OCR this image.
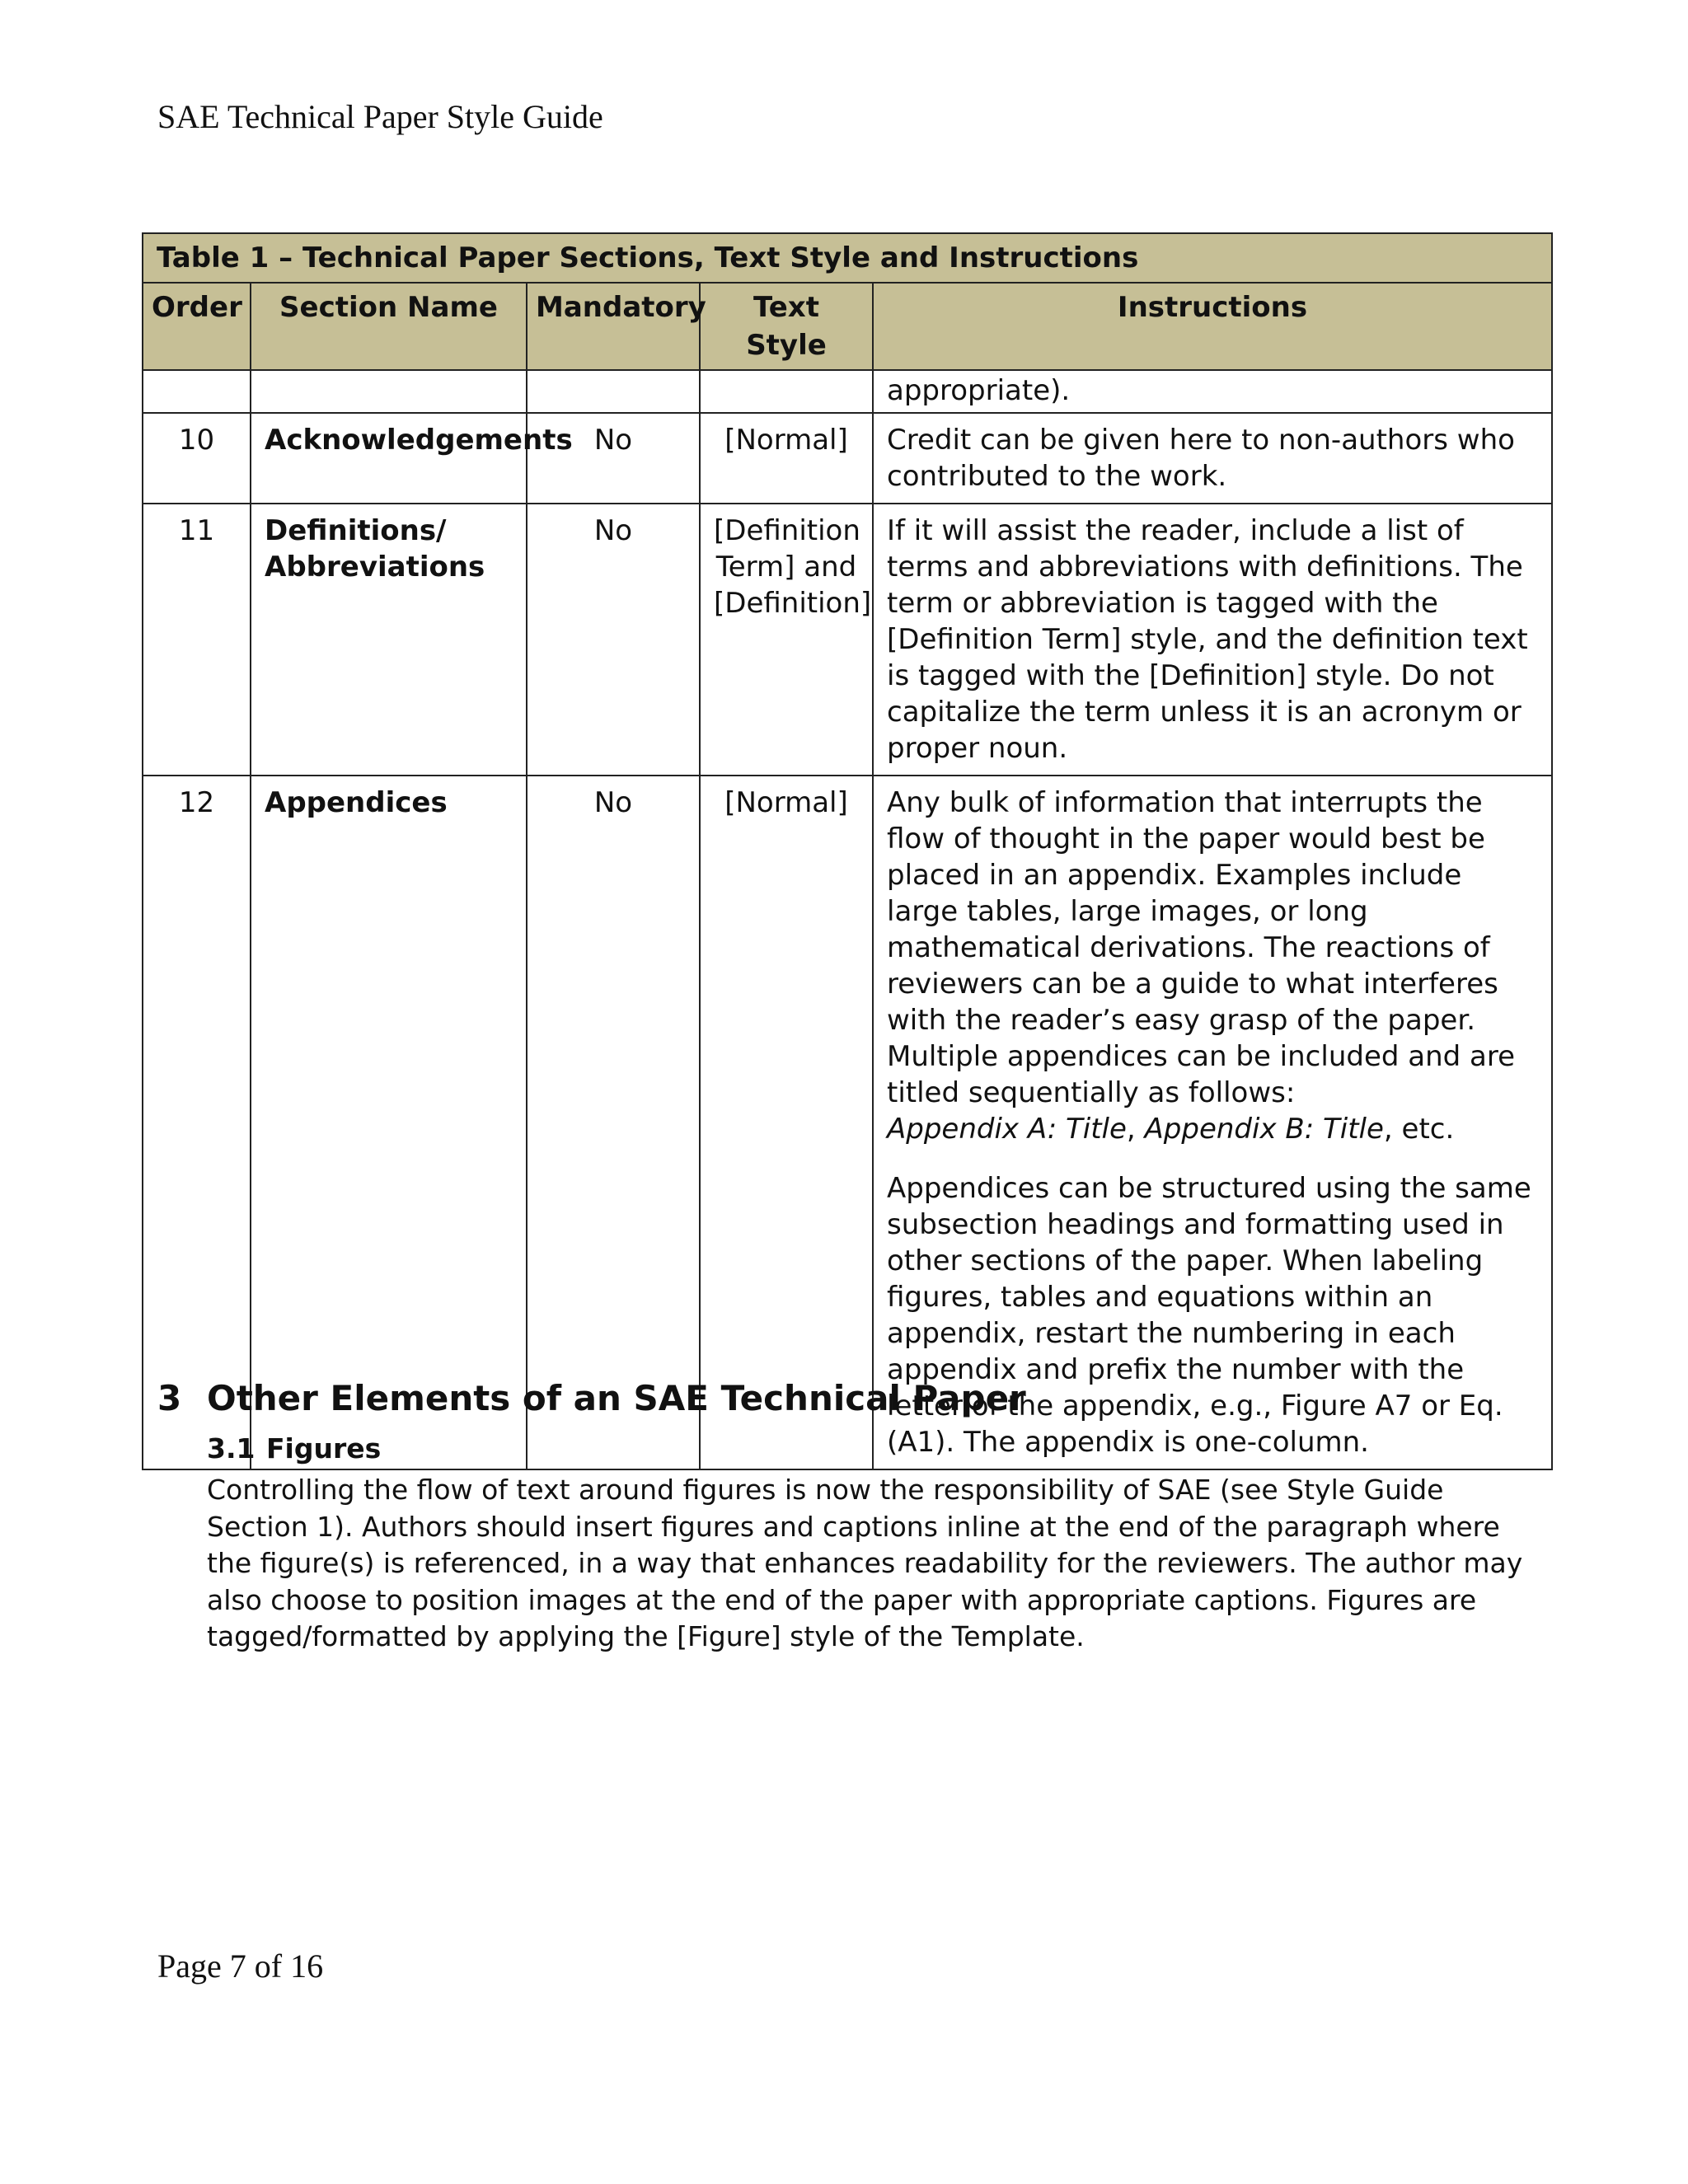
SAE Technical Paper Style Guide
Table 1 – Technical Paper Sections, Text Style and Instructions				
Order	Section Name	Mandatory	Text Style	Instructions
				appropriate).
10	Acknowledgements	No	[Normal]	Credit can be given here to non-authors who contributed to the work.
11	Definitions/ Abbreviations	No	[Definition Term] and [Definition]	If it will assist the reader, include a list of terms and abbreviations with definitions. The term or abbreviation is tagged with the [Definition Term] style, and the definition text is tagged with the [Definition] style. Do not capitalize the term unless it is an acronym or proper noun.
12	Appendices	No	[Normal]	Any bulk of information that interrupts the flow of thought in the paper would best be placed in an appendix. Examples include large tables, large images, or long mathematical derivations. The reactions of reviewers can be a guide to what interferes with the reader’s easy grasp of the paper. Multiple appendices can be included and are titled sequentially as follows:
Appendix A: Title, Appendix B: Title, etc.
Appendices can be structured using the same subsection headings and formatting used in other sections of the paper. When labeling figures, tables and equations within an appendix, restart the numbering in each appendix and prefix the number with the letter of the appendix, e.g., Figure A7 or Eq. (A1). The appendix is one-column.
3 Other Elements of an SAE Technical Paper
3.1 Figures
Controlling the flow of text around figures is now the responsibility of SAE (see Style Guide Section 1). Authors should insert figures and captions inline at the end of the paragraph where the figure(s) is referenced, in a way that enhances readability for the reviewers. The author may also choose to position images at the end of the paper with appropriate captions. Figures are tagged/formatted by applying the [Figure] style of the Template.
Page 7 of 16
